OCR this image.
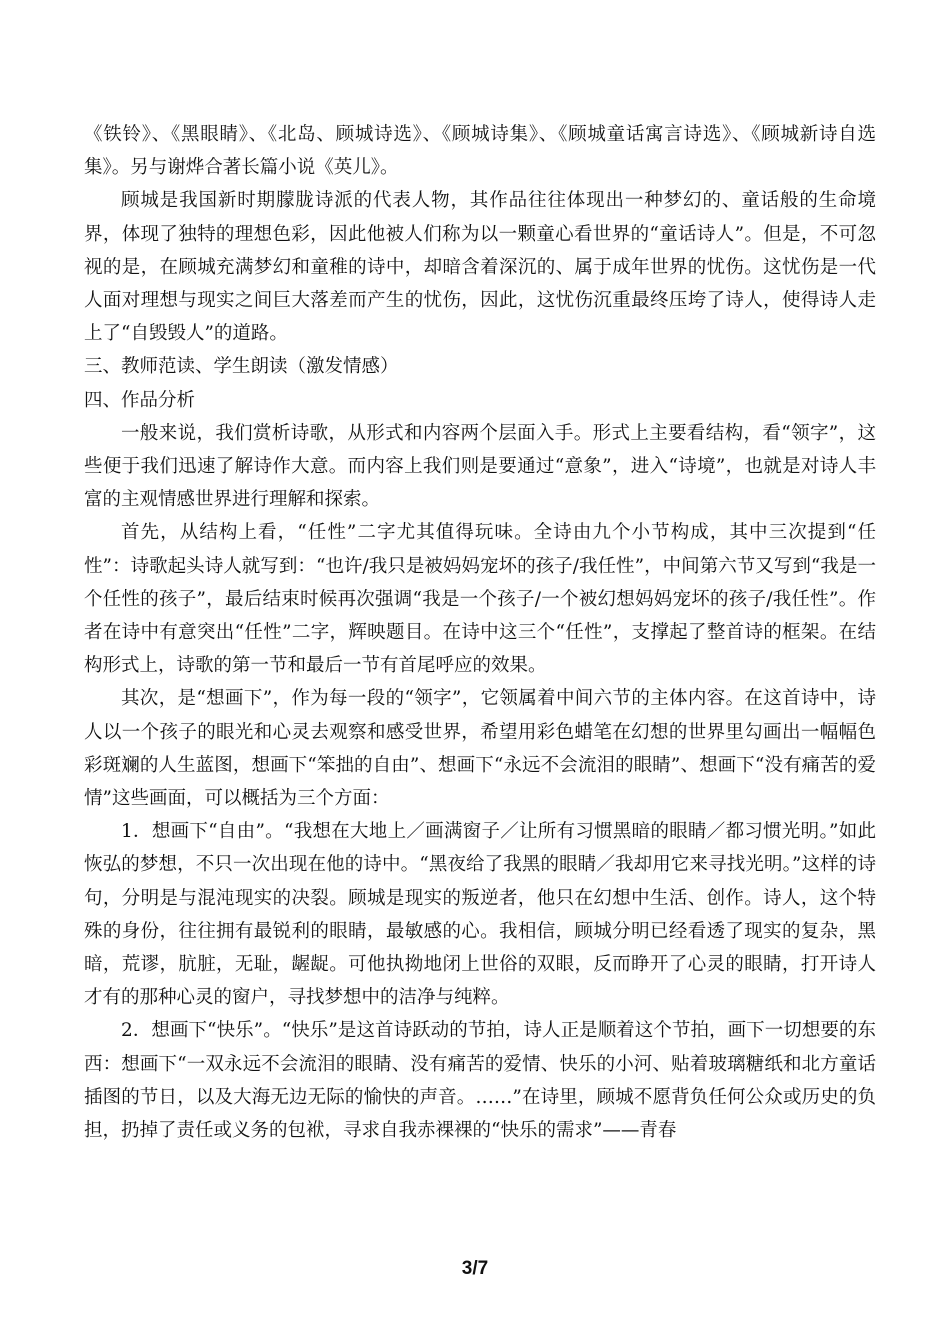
《铁铃》、《黑眼睛》、《北岛、顾城诗选》、《顾城诗集》、《顾城童话寓言诗选》、《顾城新诗自选集》。另与谢烨合著长篇小说《英儿》。

顾城是我国新时期朦胧诗派的代表人物，其作品往往体现出一种梦幻的、童话般的生命境界，体现了独特的理想色彩，因此他被人们称为以一颗童心看世界的“童话诗人”。但是，不可忽视的是，在顾城充满梦幻和童稚的诗中，却暗含着深沉的、属于成年世界的忧伤。这忧伤是一代人面对理想与现实之间巨大落差而产生的忧伤，因此，这忧伤沉重最终压垮了诗人，使得诗人走上了“自毁毁人”的道路。

三、教师范读、学生朗读（激发情感）

四、作品分析

一般来说，我们赏析诗歌，从形式和内容两个层面入手。形式上主要看结构，看“领字”，这些便于我们迅速了解诗作大意。而内容上我们则是要通过“意象”，进入“诗境”，也就是对诗人丰富的主观情感世界进行理解和探索。

首先，从结构上看，“任性”二字尤其值得玩味。全诗由九个小节构成，其中三次提到“任性”：诗歌起头诗人就写到：“也许/我只是被妈妈宠坏的孩子/我任性”，中间第六节又写到“我是一个任性的孩子”，最后结束时候再次强调“我是一个孩子/一个被幻想妈妈宠坏的孩子/我任性”。作者在诗中有意突出“任性”二字，辉映题目。在诗中这三个“任性”，支撑起了整首诗的框架。在结构形式上，诗歌的第一节和最后一节有首尾呼应的效果。

其次，是“想画下”，作为每一段的“领字”，它领属着中间六节的主体内容。在这首诗中，诗人以一个孩子的眼光和心灵去观察和感受世界，希望用彩色蜡笔在幻想的世界里勾画出一幅幅色彩斑斓的人生蓝图，想画下“笨拙的自由”、想画下“永远不会流泪的眼睛”、想画下“没有痛苦的爱情”这些画面，可以概括为三个方面：

1．想画下“自由”。“我想在大地上／画满窗子／让所有习惯黑暗的眼睛／都习惯光明。”如此恢弘的梦想，不只一次出现在他的诗中。“黑夜给了我黑的眼睛／我却用它来寻找光明。”这样的诗句，分明是与混沌现实的决裂。顾城是现实的叛逆者，他只在幻想中生活、创作。诗人，这个特殊的身份，往往拥有最锐利的眼睛，最敏感的心。我相信，顾城分明已经看透了现实的复杂，黑暗，荒谬，肮脏，无耻，龌龊。可他执拗地闭上世俗的双眼，反而睁开了心灵的眼睛，打开诗人才有的那种心灵的窗户，寻找梦想中的洁净与纯粹。

2．想画下“快乐”。“快乐”是这首诗跃动的节拍，诗人正是顺着这个节拍，画下一切想要的东西：想画下“一双永远不会流泪的眼睛、没有痛苦的爱情、快乐的小河、贴着玻璃糖纸和北方童话插图的节日，以及大海无边无际的愉快的声音。……”在诗里，顾城不愿背负任何公众或历史的负担，扔掉了责任或义务的包袱，寻求自我赤裸裸的“快乐的需求”——青春

3/7
